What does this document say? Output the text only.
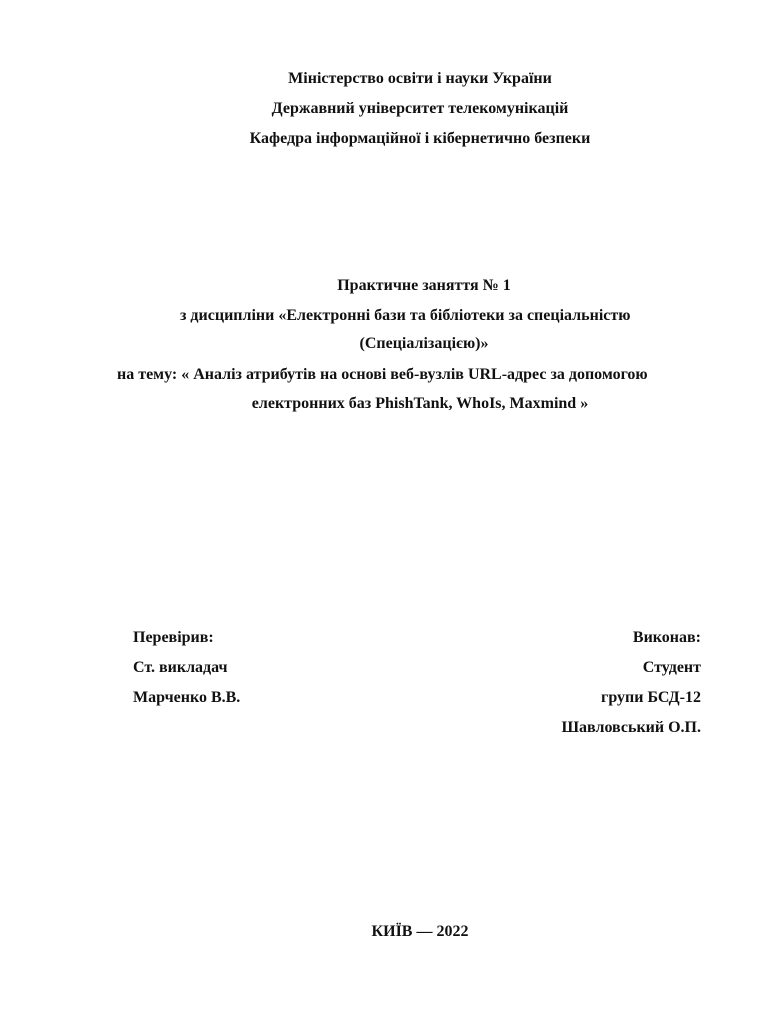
Міністерство освіти і науки України
Державний університет телекомунікацій
Кафедра інформаційної і кібернетично безпеки
Практичне заняття № 1
з дисципліни «Електронні бази та бібліотеки за спеціальністю
(Спеціалізацією)»
на тему: « Аналіз атрибутів на основі веб-вузлів URL-адрес за допомогою
електронних баз PhishTank, WhoIs, Maxmind »
Перевірив:
Ст. викладач
Марченко В.В.
Виконав:
Студент
групи БСД-12
Шавловський О.П.
КИЇВ — 2022
